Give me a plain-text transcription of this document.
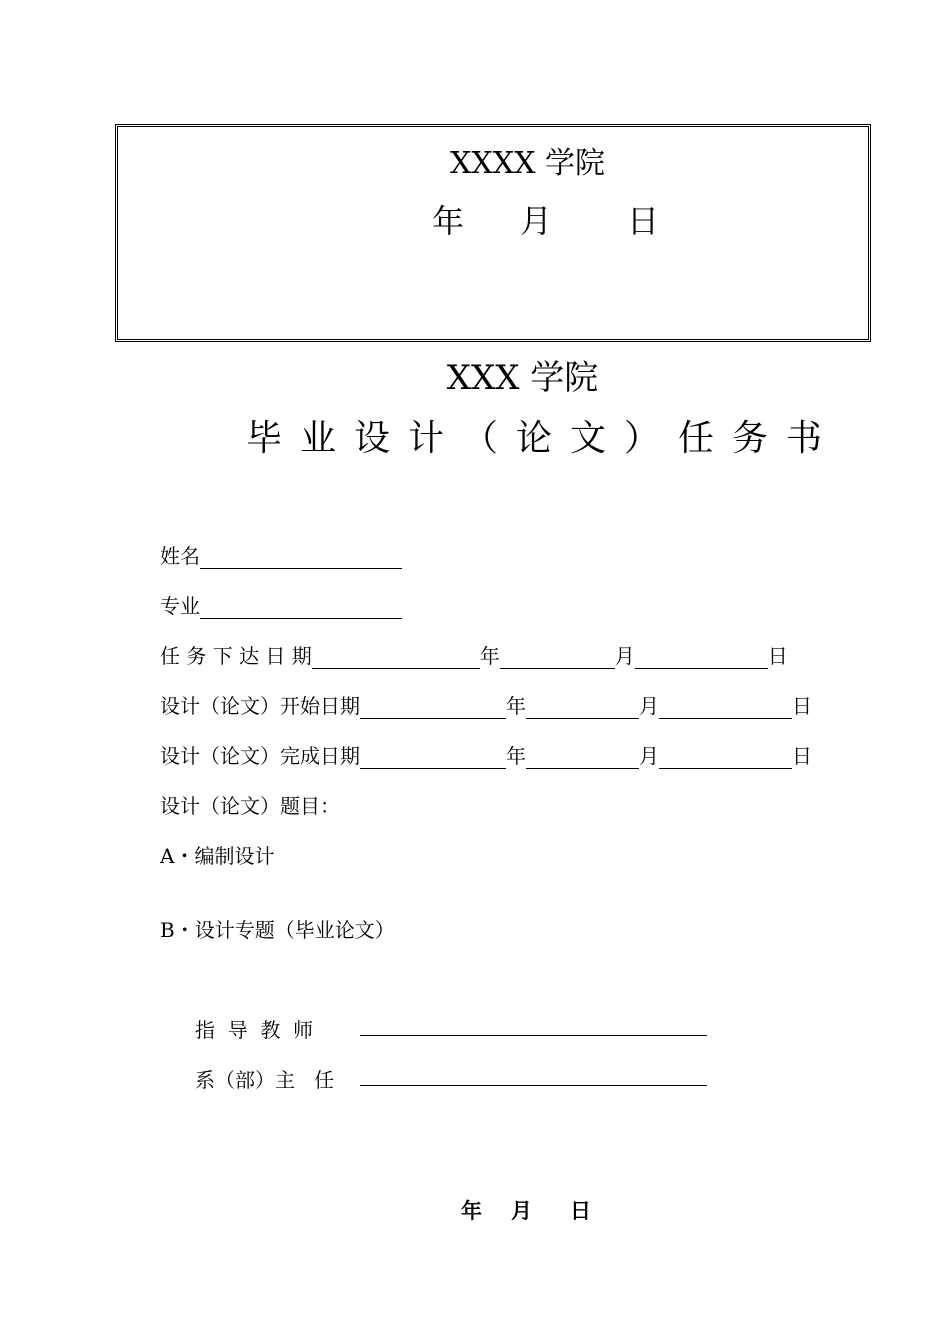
XXXX 学院
年 月 日
XXX 学院
毕业设计（论文）任务书
姓名
专业
任 务 下 达 日 期	年	月	日
设计（论文）开始日期	年	月	日
设计（论文）完成日期	年	月	日
设计（论文）题目：
A・编制设计
B・设计专题（毕业论文）
指  导  教  师
系（部）主   任
年 月 日
